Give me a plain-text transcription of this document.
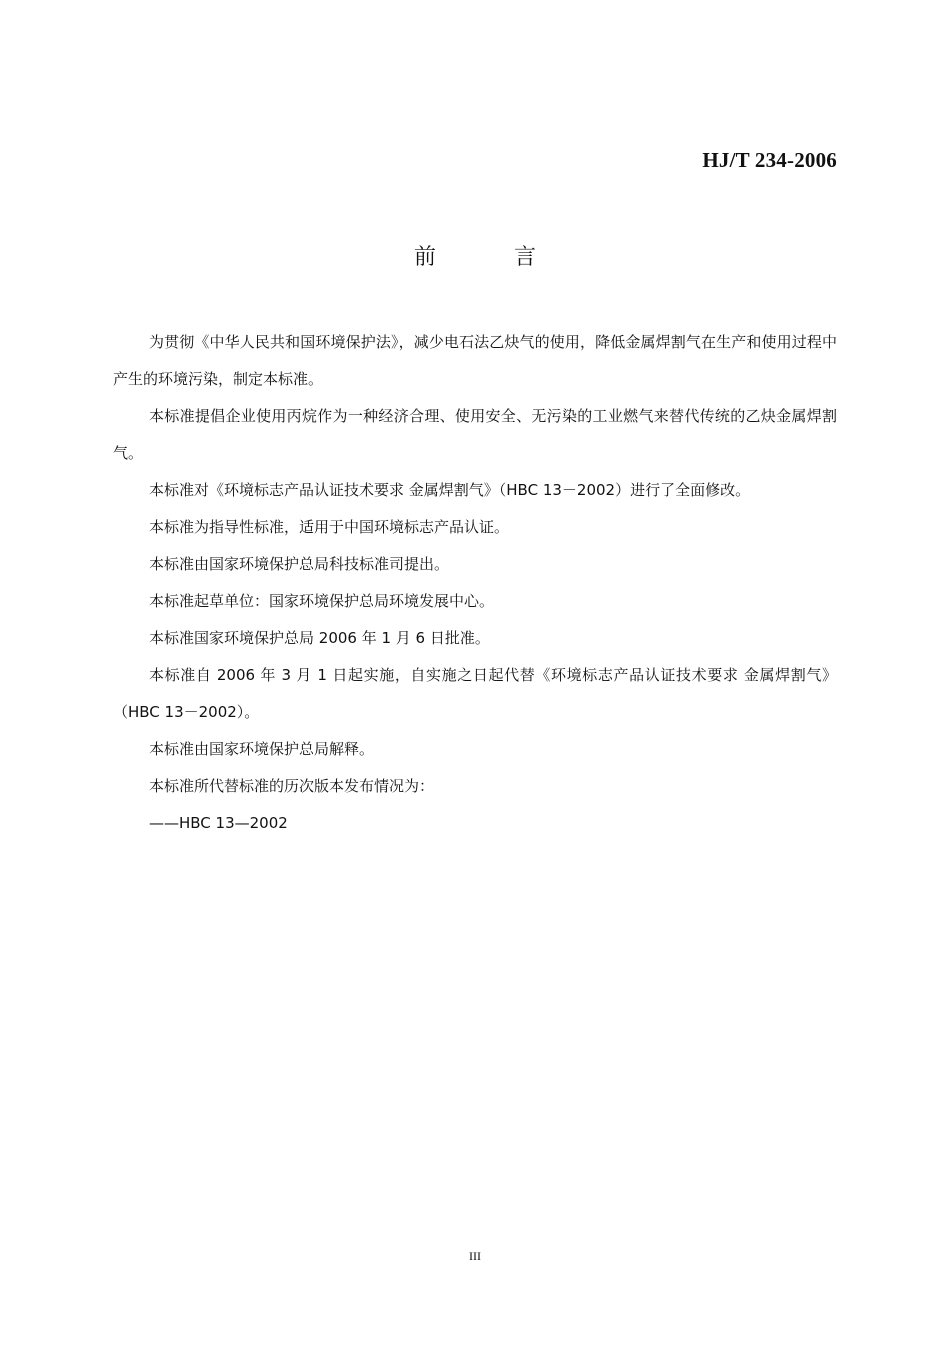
HJ/T 234-2006
前　言

为贯彻《中华人民共和国环境保护法》，减少电石法乙炔气的使用，降低金属焊割气在生产和使用过程中产生的环境污染，制定本标准。

本标准提倡企业使用丙烷作为一种经济合理、使用安全、无污染的工业燃气来替代传统的乙炔金属焊割气。

本标准对《环境标志产品认证技术要求 金属焊割气》（HBC 13－2002）进行了全面修改。

本标准为指导性标准，适用于中国环境标志产品认证。

本标准由国家环境保护总局科技标准司提出。

本标准起草单位：国家环境保护总局环境发展中心。

本标准国家环境保护总局 2006 年 1 月 6 日批准。

本标准自 2006 年 3 月 1 日起实施，自实施之日起代替《环境标志产品认证技术要求 金属焊割气》（HBC 13－2002）。

本标准由国家环境保护总局解释。

本标准所代替标准的历次版本发布情况为：

——HBC 13—2002

III
